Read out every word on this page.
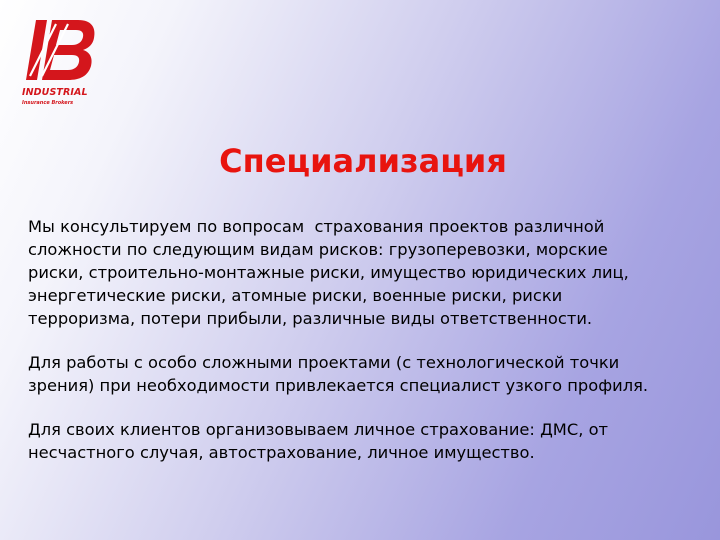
INDUSTRIAL
Insurance Brokers
Специализация

Мы консультируем по вопросам  страхования проектов различной
сложности по следующим видам рисков: грузоперевозки, морские
риски, строительно-монтажные риски, имущество юридических лиц,
энергетические риски, атомные риски, военные риски, риски
терроризма, потери прибыли, различные виды ответственности.

Для работы с особо сложными проектами (с технологической точки
зрения) при необходимости привлекается специалист узкого профиля.

Для своих клиентов организовываем личное страхование: ДМС, от
несчастного случая, автострахование, личное имущество.
